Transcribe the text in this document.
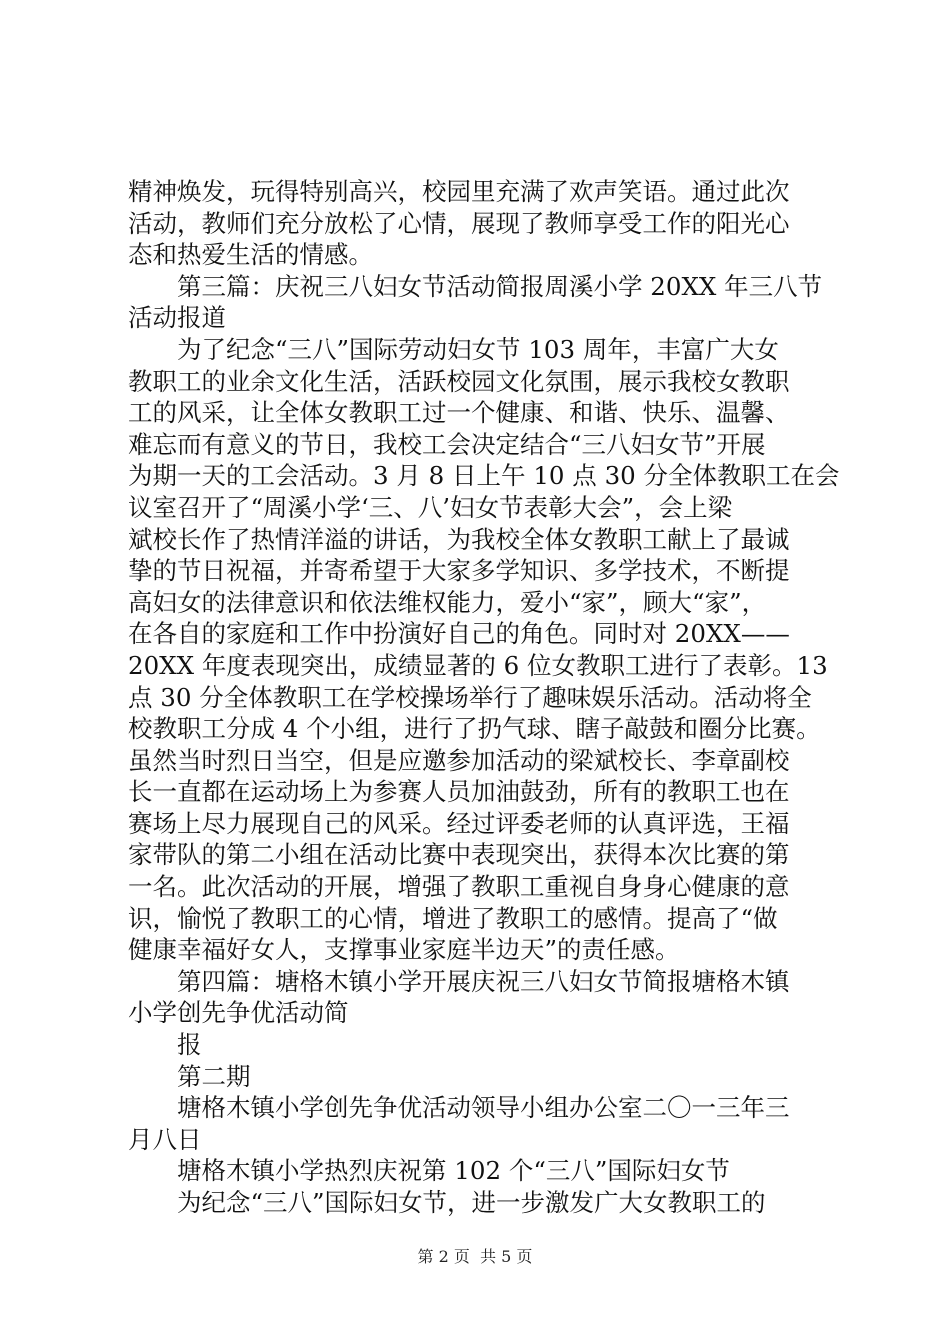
精神焕发，玩得特别高兴，校园里充满了欢声笑语。通过此次
活动，教师们充分放松了心情，展现了教师享受工作的阳光心
态和热爱生活的情感。
第三篇：庆祝三八妇女节活动简报周溪小学 20XX 年三八节
活动报道
为了纪念“三八”国际劳动妇女节 103 周年，丰富广大女
教职工的业余文化生活，活跃校园文化氛围，展示我校女教职
工的风采，让全体女教职工过一个健康、和谐、快乐、温馨、
难忘而有意义的节日，我校工会决定结合“三八妇女节”开展
为期一天的工会活动。3 月 8 日上午 10 点 30 分全体教职工在会
议室召开了“周溪小学‘三、八’妇女节表彰大会”，会上梁
斌校长作了热情洋溢的讲话，为我校全体女教职工献上了最诚
挚的节日祝福，并寄希望于大家多学知识、多学技术，不断提
高妇女的法律意识和依法维权能力，爱小“家”，顾大“家”，
在各自的家庭和工作中扮演好自己的角色。同时对 20XX——
20XX 年度表现突出，成绩显著的 6 位女教职工进行了表彰。13
点 30 分全体教职工在学校操场举行了趣味娱乐活动。活动将全
校教职工分成 4 个小组，进行了扔气球、瞎子敲鼓和圈分比赛。
虽然当时烈日当空，但是应邀参加活动的梁斌校长、李章副校
长一直都在运动场上为参赛人员加油鼓劲，所有的教职工也在
赛场上尽力展现自己的风采。经过评委老师的认真评选，王福
家带队的第二小组在活动比赛中表现突出，获得本次比赛的第
一名。此次活动的开展，增强了教职工重视自身身心健康的意
识，愉悦了教职工的心情，增进了教职工的感情。提高了“做
健康幸福好女人，支撑事业家庭半边天”的责任感。
第四篇：塘格木镇小学开展庆祝三八妇女节简报塘格木镇
小学创先争优活动简
报
第二期
塘格木镇小学创先争优活动领导小组办公室二〇一三年三
月八日
塘格木镇小学热烈庆祝第 102 个“三八”国际妇女节
为纪念“三八”国际妇女节，进一步激发广大女教职工的
第 2 页  共 5 页
